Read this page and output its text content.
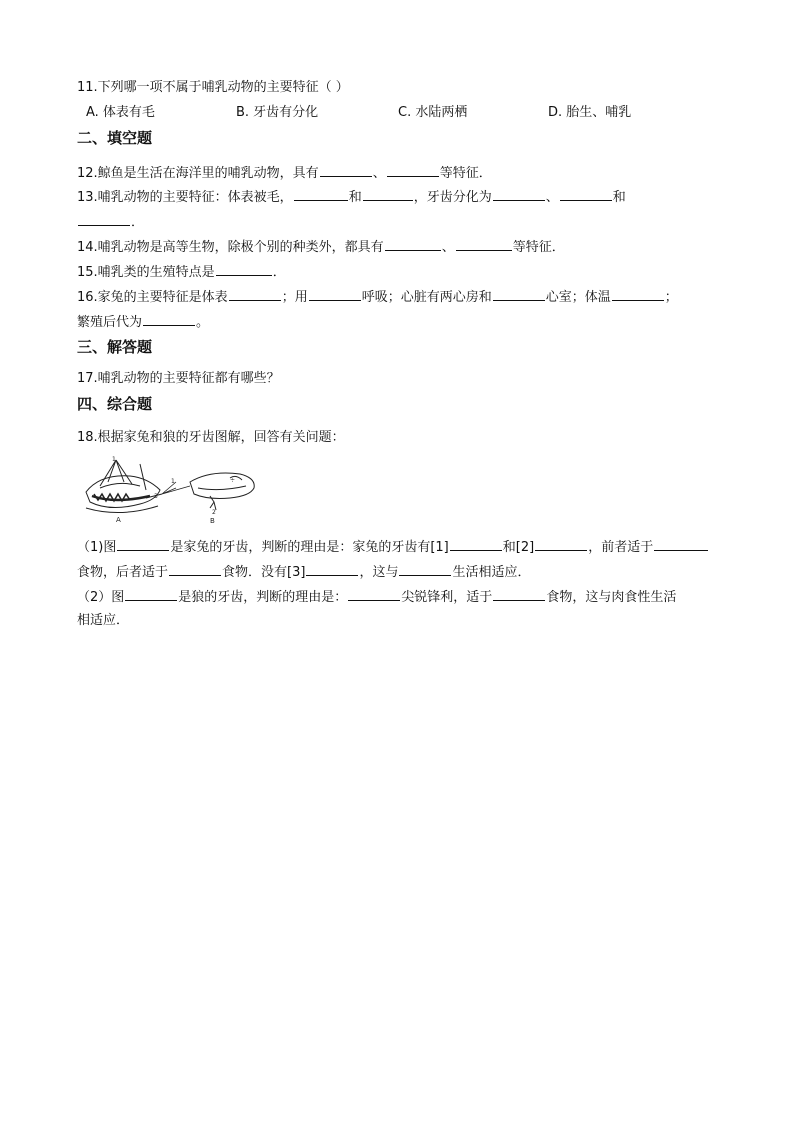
11.下列哪一项不属于哺乳动物的主要特征（ ）
A. 体表有毛	B. 牙齿有分化	C. 水陆两栖	D. 胎生、哺乳
二、填空题
12.鲸鱼是生活在海洋里的哺乳动物，具有	、	等特征．
13.哺乳动物的主要特征：体表被毛，	和	，牙齿分化为	、	和
．
14.哺乳动物是高等生物，除极个别的种类外，都具有	、	等特征．
15.哺乳类的生殖特点是	．
16.家兔的主要特征是体表	；用	呼吸；心脏有两心房和	心室；体温	；
繁殖后代为	。
三、解答题
17.哺乳动物的主要特征都有哪些？
四、综合题
18.根据家兔和狼的牙齿图解，回答有关问题：
1
3
A
1	÷
2
B
（1)图	是家兔的牙齿，判断的理由是：家兔的牙齿有[1]	和[2]	，前者适于
食物，后者适于	食物．没有[3]	，这与	生活相适应．
（2）图	是狼的牙齿，判断的理由是：	尖锐锋利，适于	食物，这与肉食性生活
相适应．
